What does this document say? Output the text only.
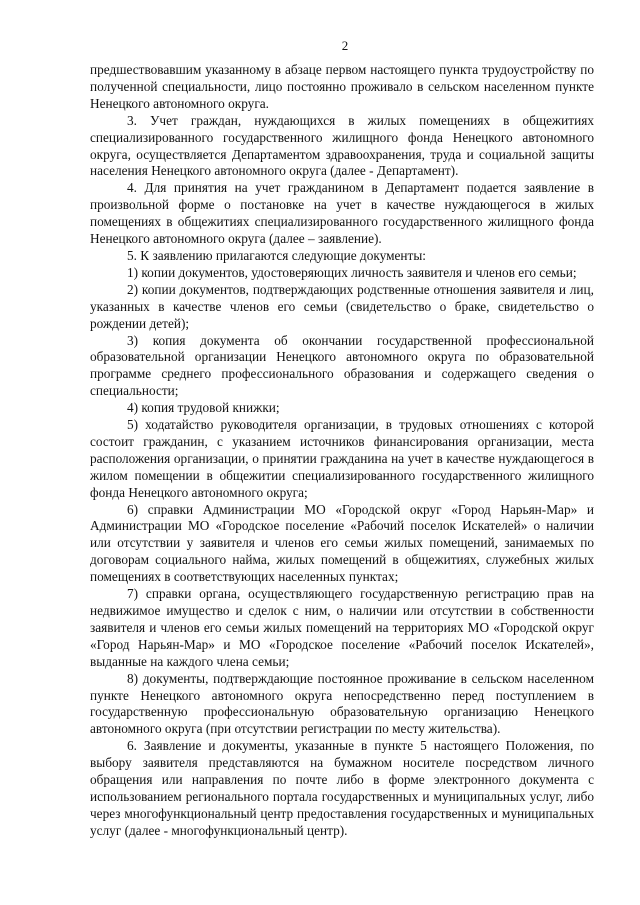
2

предшествовавшим указанному в абзаце первом настоящего пункта трудоустройству по полученной специальности, лицо постоянно проживало в сельском населенном пункте Ненецкого автономного округа.

3. Учет граждан, нуждающихся в жилых помещениях в общежитиях специализированного государственного жилищного фонда Ненецкого автономного округа, осуществляется Департаментом здравоохранения, труда и социальной защиты населения Ненецкого автономного округа (далее - Департамент).

4. Для принятия на учет гражданином в Департамент подается заявление в произвольной форме о постановке на учет в качестве нуждающегося в жилых помещениях в общежитиях специализированного государственного жилищного фонда Ненецкого автономного округа (далее – заявление).

5. К заявлению прилагаются следующие документы:

1) копии документов, удостоверяющих личность заявителя и членов его семьи;

2) копии документов, подтверждающих родственные отношения заявителя и лиц, указанных в качестве членов его семьи (свидетельство о браке, свидетельство о рождении детей);

3) копия документа об окончании государственной профессиональной образовательной организации Ненецкого автономного округа по образовательной программе среднего профессионального образования и содержащего сведения о специальности;

4) копия трудовой книжки;

5) ходатайство руководителя организации, в трудовых отношениях с которой состоит гражданин, с указанием источников финансирования организации, места расположения организации, о принятии гражданина на учет в качестве нуждающегося в жилом помещении в общежитии специализированного государственного жилищного фонда Ненецкого автономного округа;

6) справки Администрации МО «Городской округ «Город Нарьян-Мар» и Администрации МО «Городское поселение «Рабочий поселок Искателей» о наличии или отсутствии у заявителя и членов его семьи жилых помещений, занимаемых по договорам социального найма, жилых помещений в общежитиях, служебных жилых помещениях в соответствующих населенных пунктах;

7) справки органа, осуществляющего государственную регистрацию прав на недвижимое имущество и сделок с ним, о наличии или отсутствии в собственности заявителя и членов его семьи жилых помещений на территориях МО «Городской округ «Город Нарьян-Мар» и МО «Городское поселение «Рабочий поселок Искателей», выданные на каждого члена семьи;

8) документы, подтверждающие постоянное проживание в сельском населенном пункте Ненецкого автономного округа непосредственно перед поступлением в государственную профессиональную образовательную организацию Ненецкого автономного округа (при отсутствии регистрации по месту жительства).

6. Заявление и документы, указанные в пункте 5 настоящего Положения, по выбору заявителя представляются на бумажном носителе посредством личного обращения или направления по почте либо в форме электронного документа с использованием регионального портала государственных и муниципальных услуг, либо через многофункциональный центр предоставления государственных и муниципальных услуг (далее - многофункциональный центр).
